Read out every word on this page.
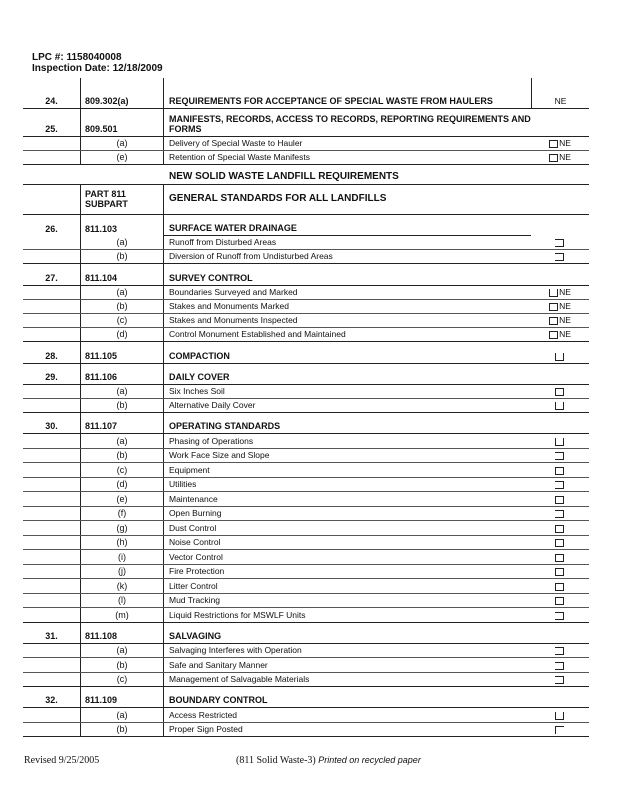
LPC #: 1158040008
Inspection Date: 12/18/2009
24.	809.302(a)	REQUIREMENTS FOR ACCEPTANCE OF SPECIAL WASTE FROM HAULERS	NE
25.	809.501
MANIFESTS, RECORDS, ACCESS TO RECORDS, REPORTING REQUIREMENTS AND FORMS
(a)	Delivery of Special Waste to Hauler	NE
(e)	Retention of Special Waste Manifests	NE
NEW SOLID WASTE LANDFILL REQUIREMENTS
PART 811 SUBPART	GENERAL STANDARDS FOR ALL LANDFILLS
26.	811.103	SURFACE WATER DRAINAGE
(a)	Runoff from Disturbed Areas
(b)	Diversion of Runoff from Undisturbed Areas
27.	811.104	SURVEY CONTROL
(a)	Boundaries Surveyed and Marked	NE
(b)	Stakes and Monuments Marked	NE
(c)	Stakes and Monuments Inspected	NE
(d)	Control Monument Established and Maintained	NE
28.	811.105	COMPACTION
29.	811.106	DAILY COVER
(a)	Six Inches Soil
(b)	Alternative Daily Cover
30.	811.107	OPERATING STANDARDS
(a)	Phasing of Operations
(b)	Work Face Size and Slope
(c)	Equipment
(d)	Utilities
(e)	Maintenance
(f)	Open Burning
(g)	Dust Control
(h)	Noise Control
(i)	Vector Control
(j)	Fire Protection
(k)	Litter Control
(l)	Mud Tracking
(m)	Liquid Restrictions for MSWLF Units
31.	811.108	SALVAGING
(a)	Salvaging Interferes with Operation
(b)	Safe and Sanitary Manner
(c)	Management of Salvagable Materials
32.	811.109	BOUNDARY CONTROL
(a)	Access Restricted
(b)	Proper Sign Posted
Revised 9/25/2005	(811 Solid Waste-3) Printed on recycled paper
